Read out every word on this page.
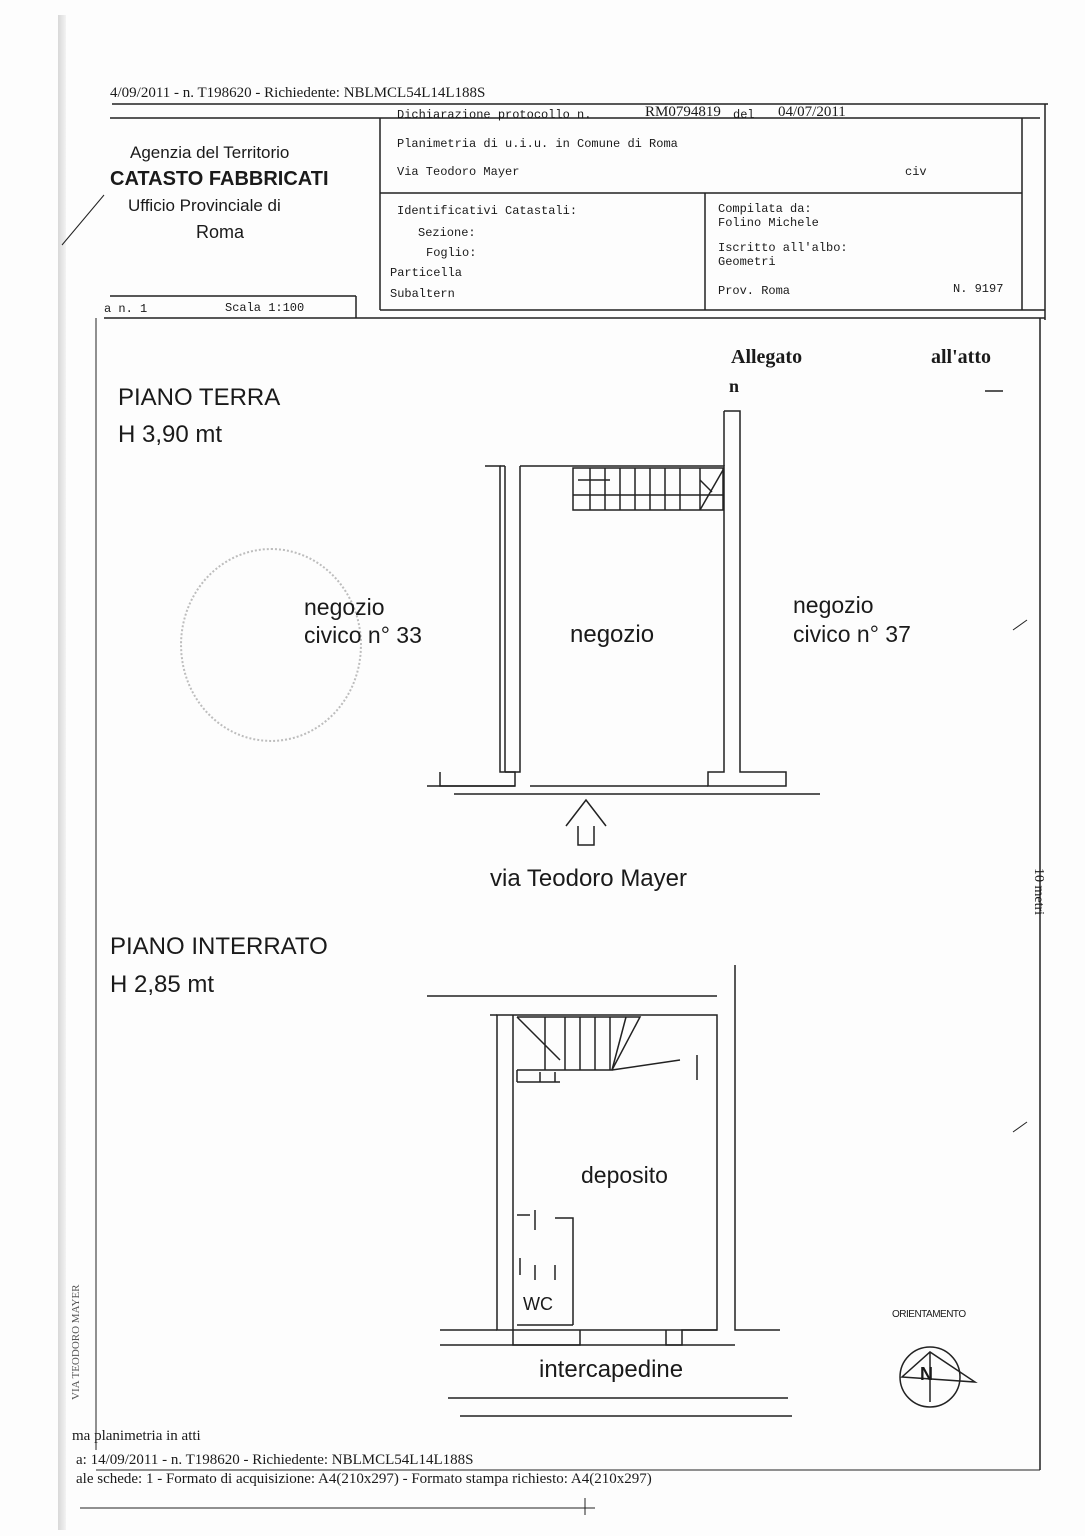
4/09/2011 - n. T198620 - Richiedente: NBLMCL54L14L188S
Agenzia del Territorio
CATASTO FABBRICATI
Ufficio Provinciale di
Roma
Dichiarazione protocollo n.	RM0794819 del 04/07/2011
Planimetria di u.i.u. in Comune di Roma
Via Teodoro Mayer	civ
Identificativi Catastali:
Sezione:
Foglio:
Particella
Subaltern
Compilata da:
Folino Michele
Iscritto all'albo:
Geometri
Prov. Roma	N. 9197
a n. 1	Scala 1:100
Allegato
n
all'atto
PIANO TERRA
H 3,90 mt
negozio
civico n° 33	negozio
negozio
civico n° 37
via Teodoro Mayer
PIANO INTERRATO
H 2,85 mt
deposito
WC
intercapedine
10 metri
VIA TEODORO MAYER	ORIENTAMENTO
N
ma planimetria in atti
a: 14/09/2011 - n. T198620 - Richiedente: NBLMCL54L14L188S
ale schede: 1 - Formato di acquisizione: A4(210x297) - Formato stampa richiesto: A4(210x297)
